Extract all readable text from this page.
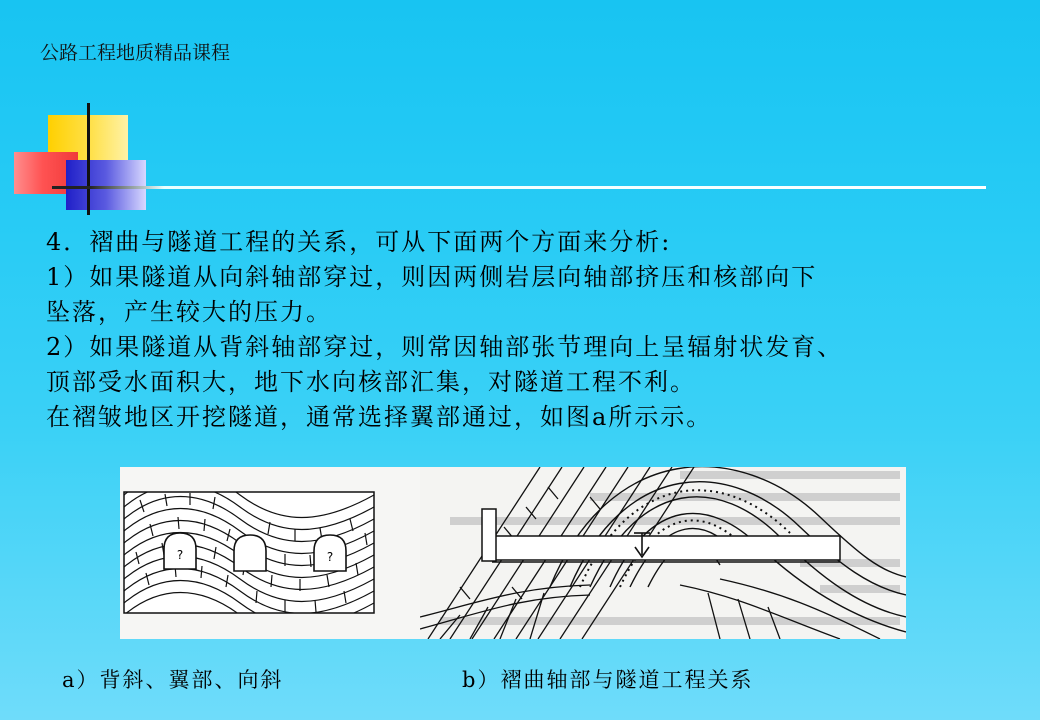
公路工程地质精品课程

4．褶曲与隧道工程的关系，可从下面两个方面来分析:

1）如果隧道从向斜轴部穿过，则因两侧岩层向轴部挤压和核部向下

坠落，产生较大的压力。

2）如果隧道从背斜轴部穿过，则常因轴部张节理向上呈辐射状发育、

顶部受水面积大，地下水向核部汇集，对隧道工程不利。

在褶皱地区开挖隧道，通常选择翼部通过，如图a所示示。

?	?
a）背斜、翼部、向斜	b）褶曲轴部与隧道工程关系
